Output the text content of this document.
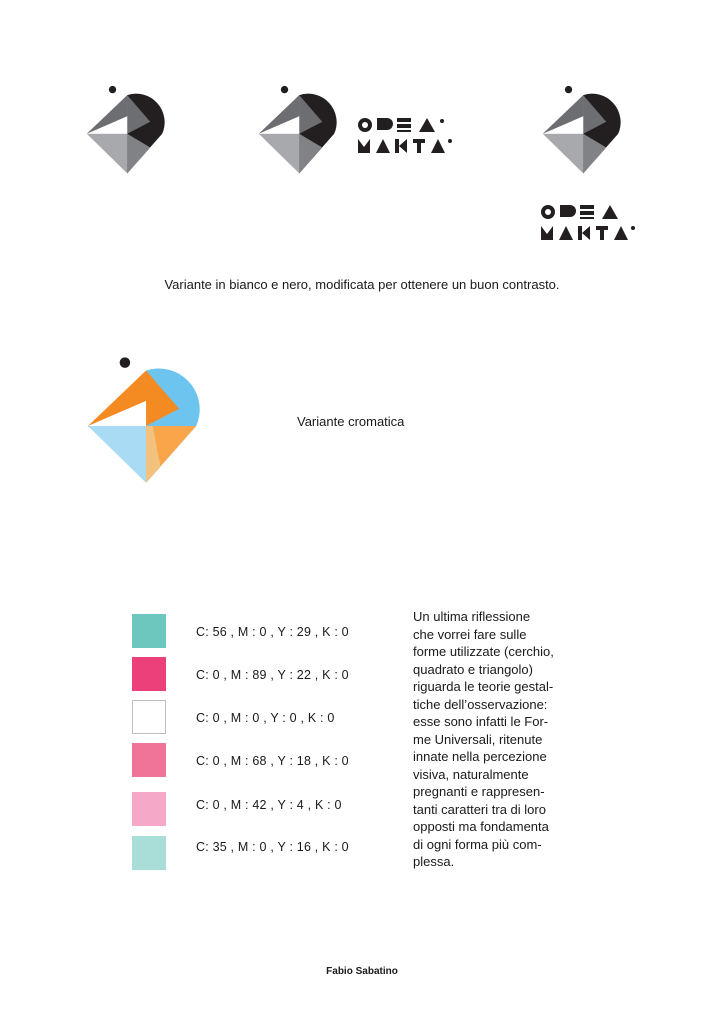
Variante in bianco e nero, modificata per ottenere un buon contrasto.
Variante cromatica
C: 56 , M : 0 , Y : 29 , K : 0
C: 0 , M : 89 , Y : 22 , K : 0
C: 0 , M : 0 , Y : 0 , K : 0
C: 0 , M : 68 , Y : 18 , K : 0
C: 0 , M : 42 , Y : 4 , K : 0
C: 35 , M : 0 , Y : 16 , K : 0
Un ultima riflessione
che vorrei fare sulle
forme utilizzate (cerchio,
quadrato e triangolo)
riguarda le teorie gestal-
tiche dell’osservazione:
esse sono infatti le For-
me Universali, ritenute
innate nella percezione
visiva, naturalmente
pregnanti e rappresen-
tanti caratteri tra di loro
opposti ma fondamenta
di ogni forma più com-
plessa.
Fabio Sabatino
